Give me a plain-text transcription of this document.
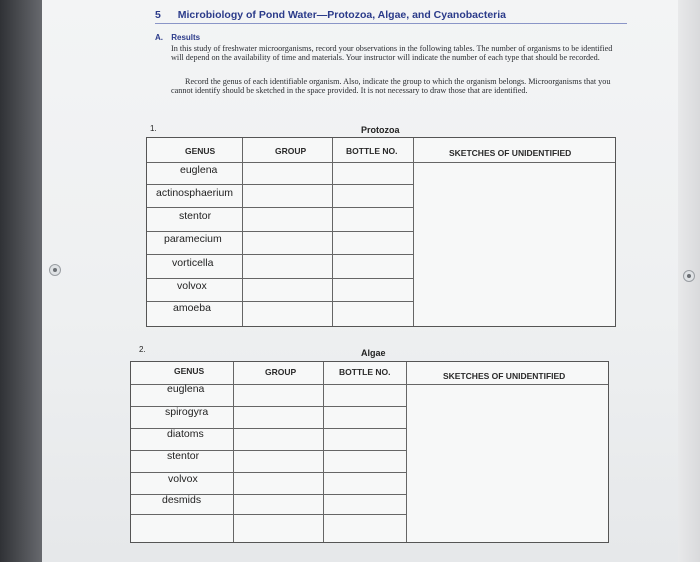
5 Microbiology of Pond Water—Protozoa, Algae, and Cyanobacteria
A. Results

In this study of freshwater microorganisms, record your observations in the following tables. The number of organisms to be identified will depend on the availability of time and materials. Your instructor will indicate the number of each type that should be recorded.

Record the genus of each identifiable organism. Also, indicate the group to which the organism belongs. Microorganisms that you cannot identify should be sketched in the space provided. It is not necessary to draw those that are identified.

1.	Protozoa
GENUS	GROUP	BOTTLE NO.	SKETCHES OF UNIDENTIFIED
euglena
actinosphaerium
stentor
paramecium
vorticella
volvox
amoeba
2.	Algae
GENUS	GROUP	BOTTLE NO.	SKETCHES OF UNIDENTIFIED
euglena
spirogyra
diatoms
stentor
volvox
desmids
